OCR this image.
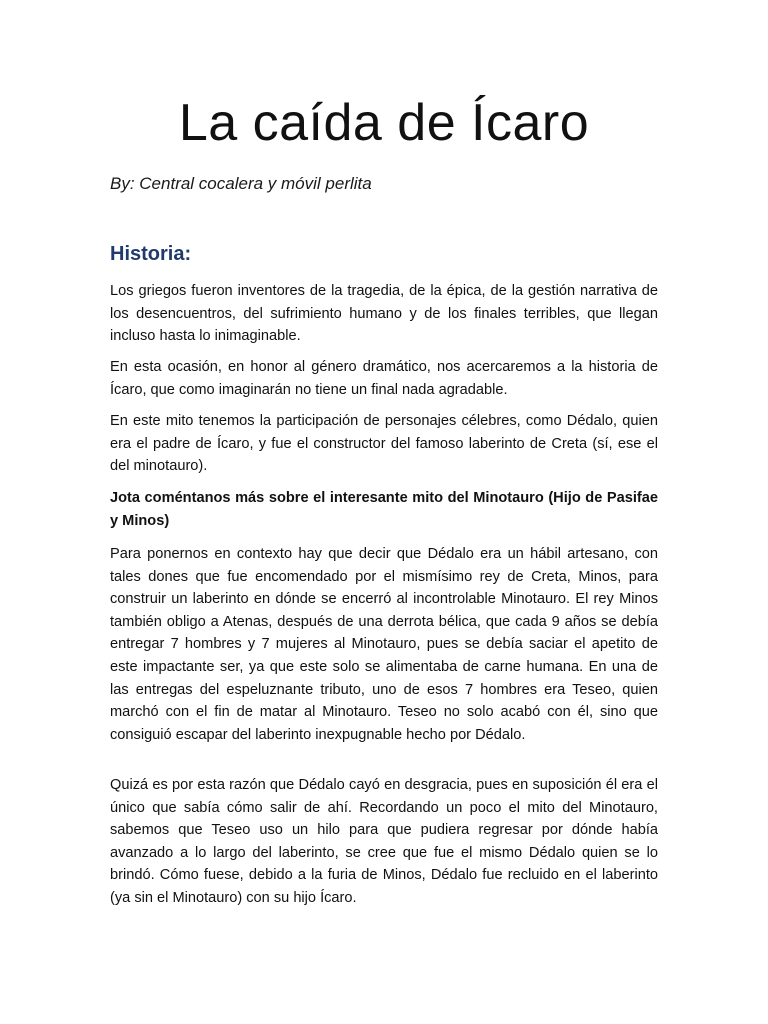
La caída de Ícaro

By: Central cocalera y móvil perlita

Historia:

Los griegos fueron inventores de la tragedia, de la épica, de la gestión narrativa de los desencuentros, del sufrimiento humano y de los finales terribles, que llegan incluso hasta lo inimaginable.

En esta ocasión, en honor al género dramático, nos acercaremos a la historia de Ícaro, que como imaginarán no tiene un final nada agradable.

En este mito tenemos la participación de personajes célebres, como Dédalo, quien era el padre de Ícaro, y fue el constructor del famoso laberinto de Creta (sí, ese el del minotauro).

Jota coméntanos más sobre el interesante mito del Minotauro (Hijo de Pasifae y Minos)

Para ponernos en contexto hay que decir que Dédalo era un hábil artesano, con tales dones que fue encomendado por el mismísimo rey de Creta, Minos, para construir un laberinto en dónde se encerró al incontrolable Minotauro. El rey Minos también obligo a Atenas, después de una derrota bélica, que cada 9 años se debía entregar 7 hombres y 7 mujeres al Minotauro, pues se debía saciar el apetito de este impactante ser, ya que este solo se alimentaba de carne humana. En una de las entregas del espeluznante tributo, uno de esos 7 hombres era Teseo, quien marchó con el fin de matar al Minotauro. Teseo no solo acabó con él, sino que consiguió escapar del laberinto inexpugnable hecho por Dédalo.

Quizá es por esta razón que Dédalo cayó en desgracia, pues en suposición él era el único que sabía cómo salir de ahí. Recordando un poco el mito del Minotauro, sabemos que Teseo uso un hilo para que pudiera regresar por dónde había avanzado a lo largo del laberinto, se cree que fue el mismo Dédalo quien se lo brindó. Cómo fuese, debido a la furia de Minos, Dédalo fue recluido en el laberinto (ya sin el Minotauro) con su hijo Ícaro.
